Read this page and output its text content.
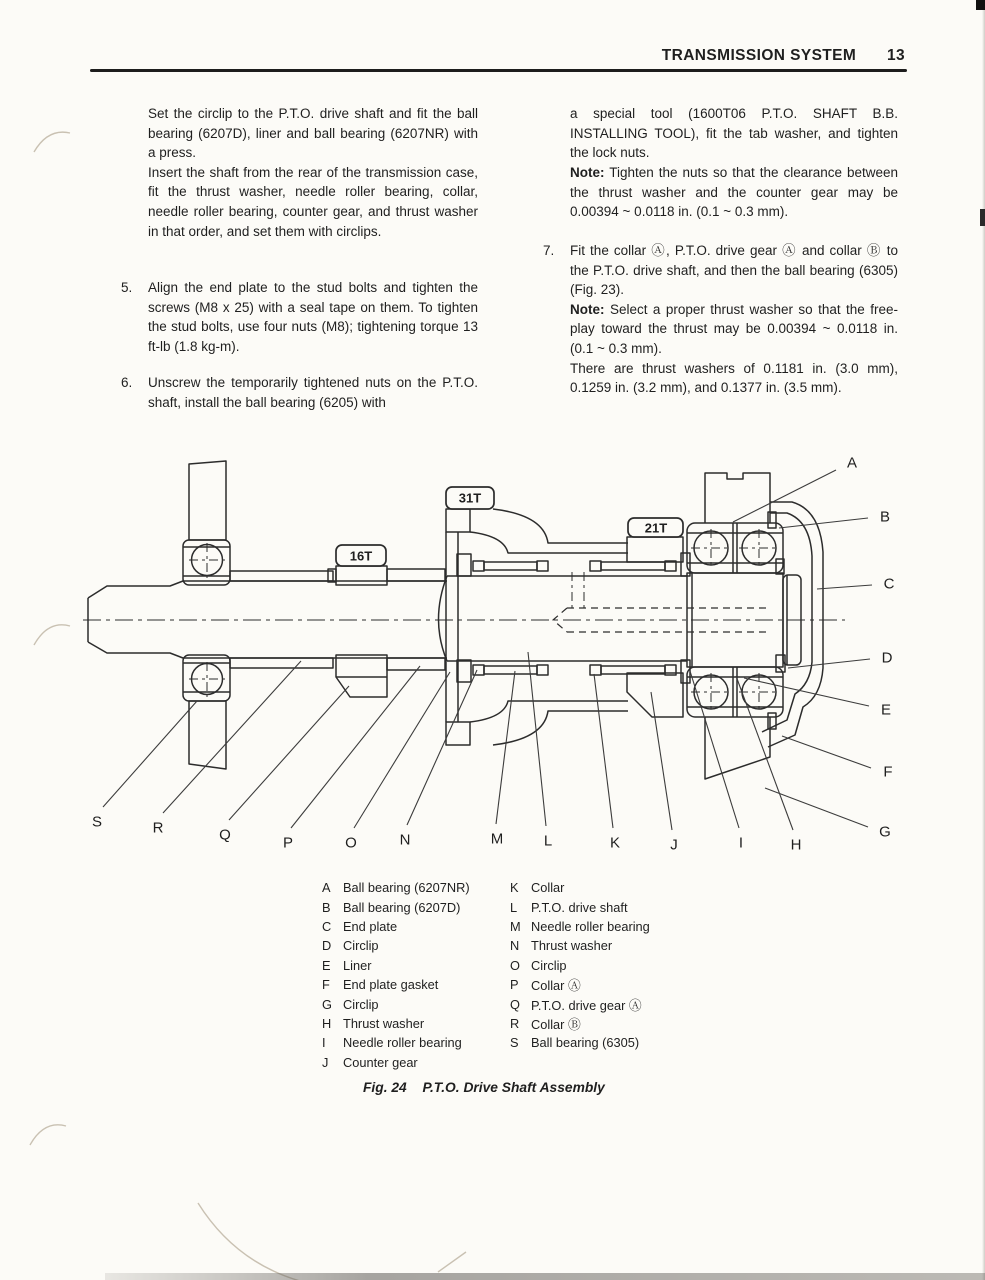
TRANSMISSION SYSTEM 13

Set the circlip to the P.T.O. drive shaft and fit the ball bearing (6207D), liner and ball bearing (6207NR) with a press.

Insert the shaft from the rear of the transmission case, fit the thrust washer, needle roller bearing, collar, needle roller bearing, counter gear, and thrust washer in that order, and set them with circlips.

5. Align the end plate to the stud bolts and tighten the screws (M8 x 25) with a seal tape on them. To tighten the stud bolts, use four nuts (M8); tightening torque 13 ft-lb (1.8 kg-m).
6. Unscrew the temporarily tightened nuts on the P.T.O. shaft, install the ball bearing (6205) with
a special tool (1600T06 P.T.O. SHAFT B.B. INSTALLING TOOL), fit the tab washer, and tighten the lock nuts.
Note: Tighten the nuts so that the clearance between the thrust washer and the counter gear may be 0.00394 ~ 0.0118 in. (0.1 ~ 0.3 mm).
7. Fit the collar Ⓐ, P.T.O. drive gear Ⓐ and collar Ⓑ to the P.T.O. drive shaft, and then the ball bearing (6305) (Fig. 23).

Note: Select a proper thrust washer so that the free-play toward the thrust may be 0.00394 ~ 0.0118 in. (0.1 ~ 0.3 mm).

There are thrust washers of 0.1181 in. (3.0 mm), 0.1259 in. (3.2 mm), and 0.1377 in. (3.5 mm).

A
B
C
D
E
F
G
H
I
J
K
L
M
N
O
P
Q
R
S
16T
31T
21T
A Ball bearing (6207NR)
B Ball bearing (6207D)
C End plate
D Circlip
E Liner
F	End plate gasket
G Circlip
H Thrust washer
I	Needle roller bearing
J	Counter gear
K Collar
L	P.T.O. drive shaft
M Needle roller bearing
N Thrust washer
O Circlip
P Collar Ⓐ
Q P.T.O. drive gear Ⓐ
R Collar Ⓑ
S Ball bearing (6305)
Fig. 24 P.T.O. Drive Shaft Assembly
